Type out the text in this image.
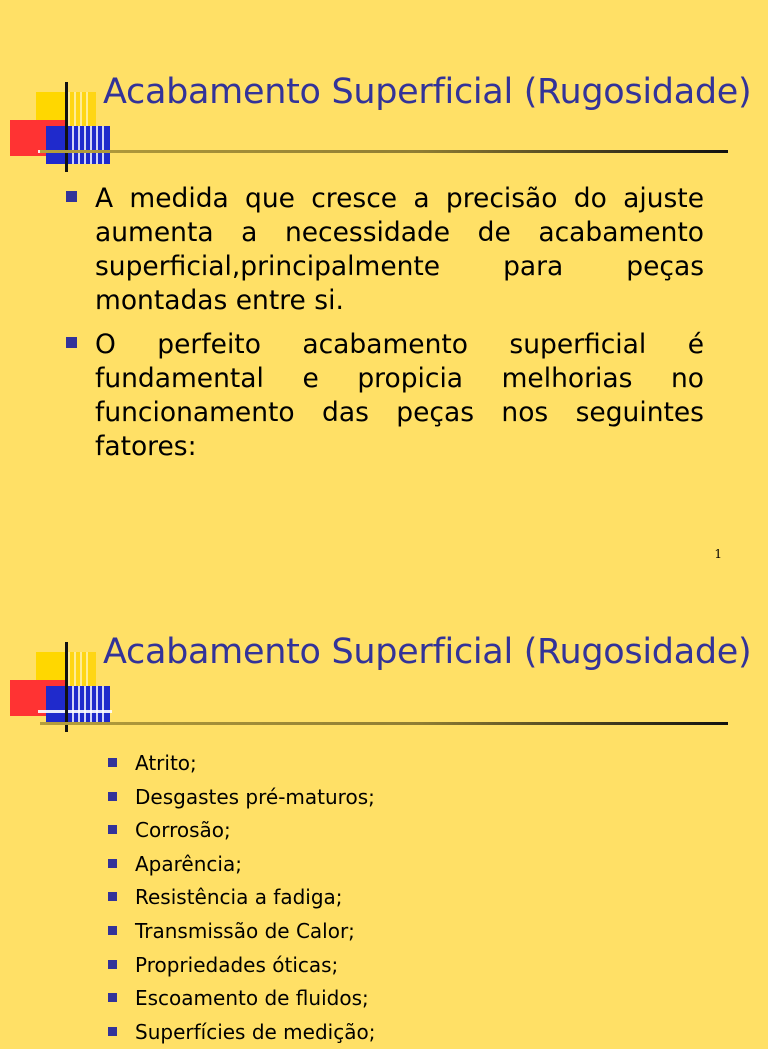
Acabamento Superficial (Rugosidade)
A medida que cresce a precisão do ajuste aumenta a necessidade de acabamento superficial,principalmente para peças montadas entre si.
O perfeito acabamento superficial é fundamental e propicia melhorias no funcionamento das peças nos seguintes fatores:
1
Acabamento Superficial (Rugosidade)
Atrito;
Desgastes pré-maturos;
Corrosão;
Aparência;
Resistência a fadiga;
Transmissão de Calor;
Propriedades óticas;
Escoamento de fluidos;
Superfícies de medição;
